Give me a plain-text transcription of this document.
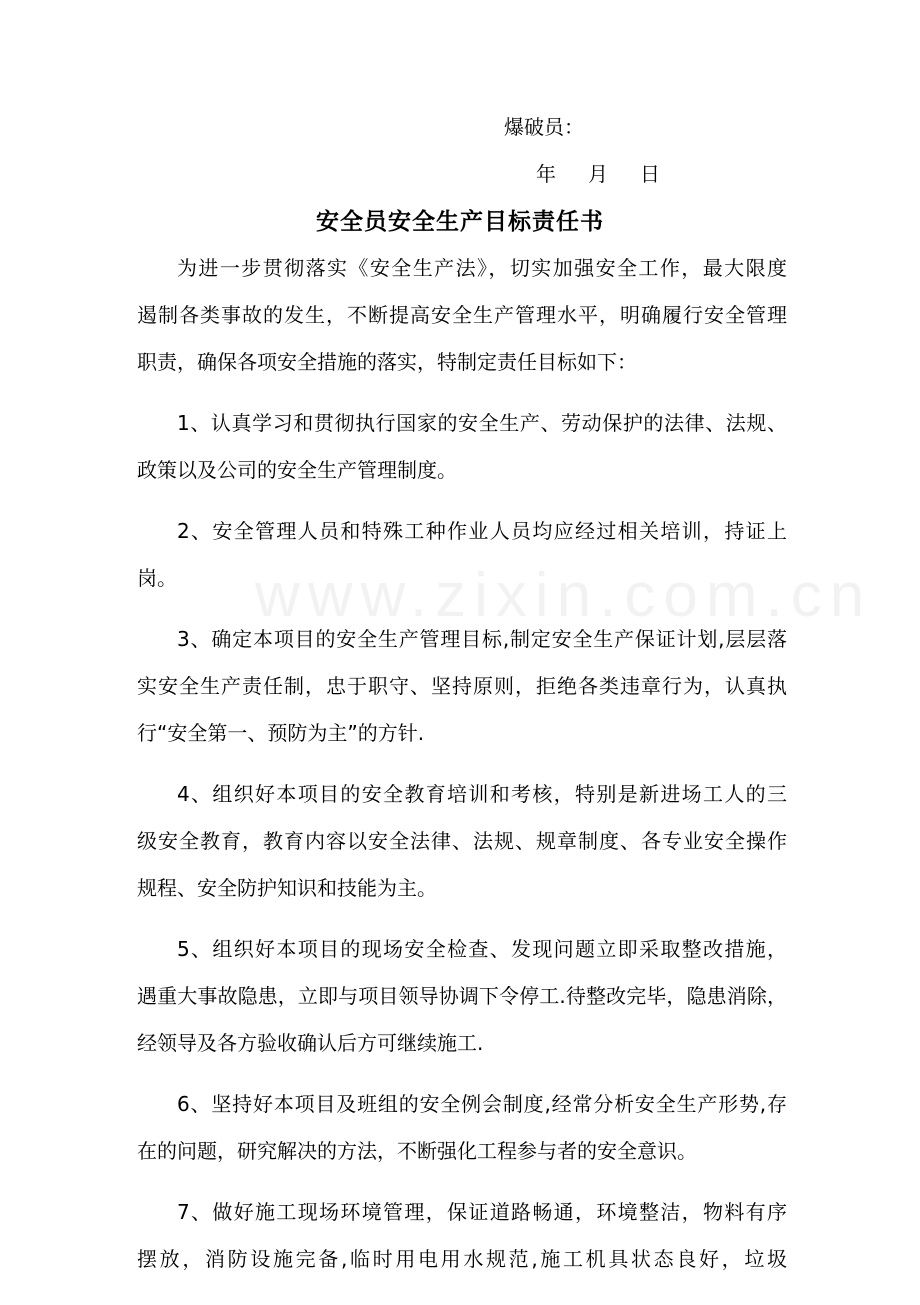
www.zixin.com.cn
爆破员：
年 月 日
安全员安全生产目标责任书
为进一步贯彻落实《安全生产法》，切实加强安全工作，最大限度
遏制各类事故的发生，不断提高安全生产管理水平，明确履行安全管理
职责，确保各项安全措施的落实，特制定责任目标如下：
1、认真学习和贯彻执行国家的安全生产、劳动保护的法律、法规、
政策以及公司的安全生产管理制度。
2、安全管理人员和特殊工种作业人员均应经过相关培训，持证上
岗。
3、确定本项目的安全生产管理目标,制定安全生产保证计划,层层落
实安全生产责任制，忠于职守、坚持原则，拒绝各类违章行为，认真执
行“安全第一、预防为主”的方针.
4、组织好本项目的安全教育培训和考核，特别是新进场工人的三
级安全教育，教育内容以安全法律、法规、规章制度、各专业安全操作
规程、安全防护知识和技能为主。
5、组织好本项目的现场安全检查、发现问题立即采取整改措施，
遇重大事故隐患，立即与项目领导协调下令停工.待整改完毕，隐患消除，
经领导及各方验收确认后方可继续施工.
6、坚持好本项目及班组的安全例会制度,经常分析安全生产形势,存
在的问题，研究解决的方法，不断强化工程参与者的安全意识。
7、做好施工现场环境管理，保证道路畅通，环境整洁，物料有序
摆放，消防设施完备,临时用电用水规范,施工机具状态良好，垃圾
